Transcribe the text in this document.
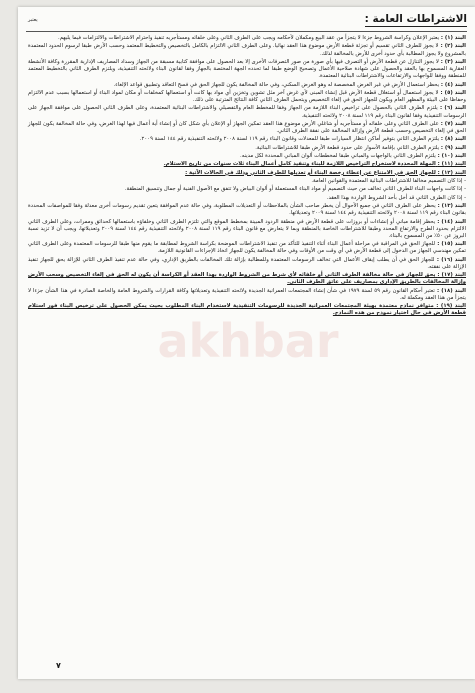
akhbar
الاشتراطات العامة :
يعتبر
البند (١) :يعتبر الإعلان وكراسة الشروط جزءا لا يتجزأ من عقد البيع ومكملان لأحكامه ويجب على الطرف الثاني وعلى خلفائه ومستأجريه تنفيذ واحترام الاشتراطات والالتزامات فيما يليهم.
البند (٢) :لا يجوز للطرف الثاني تقسيم أو تجزئة قطعة الأرض موضوع هذا العقد نهائيا. وعلى الطرف الثاني الالتزام بالكامل بالتخصيص والتخطيط المعتمد وحسب الأرض طبقا لرسوم الحدود المعتمدة بالمشروع ولا يجوز المطالبة بأي حدود أخرى للأرض بالمخالفة لذلك.
البند (٣) :لا يجوز التنازل عن قطعة الأرض أو التصرف فيها بأي صورة من صور التصرفات الأخرى إلا بعد الحصول على موافقة كتابية مسبقة من الجهاز وسداد المصاريف الإدارية المقررة وكافة الأنشطة العقارية المسموح بها بالعقد والحصول على شهادة صلاحية الأعمال وتصحيح الوضع طبقا لما تحدده الجهة المختصة بالجهاز وفقا لقانون البناء ولائحته التنفيذية، ويلتزم الطرف الثاني بالتخطيط المعتمد للمنطقة ووفقا للواجهات والارتفاعات والاشتراطات البنائية المعتمدة.
البند (٤) :يحظر استعمال الأرض في غير الغرض المخصصة له وهو الغرض السكني، وفي حالة المخالفة يكون للجهاز الحق في فسخ التعاقد وتطبيق قواعد الإلغاء.
البند (٥) :لا يجوز استعمال أو استغلال قطعة الأرض قبل إنشاء المبنى لأي غرض آخر مثل تشوين وتخزين أي مواد بها كانت أو استعمالها كمخلفات أو مكان لمواد البناء أو استعمالها بسبب عدم الالتزام وحفاظا على البيئة والمظهر العام ويكون للجهاز الحق في إلغاء التخصيص ويتحمل الطرف الثاني كافة النتائج المترتبة على ذلك.
البند (٦) :يلتزم الطرف الثاني بالحصول على تراخيص البناء اللازمة من الجهاز وفقا للمخطط العام والتفصيلي والاشتراطات البنائية المعتمدة، وعلى الطرف الثاني الحصول على موافقة الجهاز على الرسومات التنفيذية وفقا لقانون البناء رقم ١١٩ لسنة ٢٠٠٨ ولائحته التنفيذية.
البند (٧) :على الطرف الثاني وعلى خلفائه أو مستأجريه أو شاغلي الأرض موضوع هذا العقد تمكين الجهاز أو الإعلان بأي شكل كان أو إنشاء أية أعمال فيها لهذا الغرض، وفي حالة المخالفة يكون للجهاز الحق في إلغاء التخصيص وحسب قطعة الأرض وإزالة المخالفة على نفقة الطرف الثاني.
البند (٨) :يلتزم الطرف الثاني بتوفير أماكن انتظار السيارات طبقا للمعدلات وقانون البناء رقم ١١٩ لسنة ٢٠٠٨ ولائحته التنفيذية رقم ١٤٤ لسنة ٢٠٠٩.
البند (٩) :يلتزم الطرف الثاني بإقامة الأسوار على حدود قطعة الأرض طبقا للاشتراطات البنائية.
البند (١٠) :يلتزم الطرف الثاني بالواجهات والمباني طبقا لمخططات ألوان المباني المحددة لكل مدينه.
البند (١١) :المهلة المحددة لاستخراج التراخيص اللازمة للبناء وتنفيذ كامل أعمال البناء ثلاث سنوات من تاريخ الاستلام.
البند (١٢) :للجهاز الحق في الامتناع عن إعطاء رخصة البناء أو تعديلها للطرف الثاني وذلك في الحالات الآتية :
- إذا كان التصميم مخالفا للاشتراطات البنائية المعتمدة والقوانين العامة.
- إذا كانت واجهات البناء للطرف الثاني تخالف من حيث التصميم أو مواد البناء المستعملة أو ألوان البياض ولا تتفق مع الأصول الفنية أو جمال وتنسيق المنطقة.
- إذا كان الطرف الثاني قد أخل بأحد الشروط الواردة بهذا العقد.
البند (١٣) :يحظر على الطرف الثاني في جميع الأحوال أن يخطر صاحب الشأن بالملاحظات أو التعديلات المطلوبة، وفي حالة عدم الموافقة يتعين تقديم رسومات أخرى معدلة وفقا للمواصفات المحددة بقانون البناء رقم ١١٩ لسنة ٢٠٠٨ ولائحته التنفيذية رقم ١٤٤ لسنة ٢٠٠٩ وتعديلاتها.
البند (١٤) :يحظر إقامة مباني أو إنشاءات أو بروزات على قطعة الأرض في منطقة الردود المبينة بمخطط الموقع والتي تلتزم الطرف الثاني وخلفاؤه باستعمالها كحدائق وممرات، وعلى الطرف الثاني الالتزام بحدود الطرح والارتفاع المحدد وطبقا للاشتراطات الخاصة بالمنطقة وبما لا يتعارض مع قانون البناء رقم ١١٩ لسنة ٢٠٠٨ ولائحته التنفيذية رقم ١٤٤ لسنة ٢٠٠٩ وتعديلاتها، ويجب أن لا تزيد نسبة البروز عن ٥٠٪ من المسموح بالبناء.
البند (١٥) :للجهاز الحق في المراقبة في مراحلة أعمال البناء أثناء التنفيذ للتأكد من تنفيذ الاشتراطات الموضحة بكراسة الشروط لمطابقة ما يقوم منها طبقا للرسومات المعتمدة وعلى الطرف الثاني تمكين مهندسي الجهاز من الدخول إلى قطعة الأرض في أي وقت من الأوقات وفي حالة المخالفة يكون للجهاز اتخاذ الإجراءات القانونية اللازمة.
البند (١٦) :للجهاز الحق في أن يطلب إيقاف الأعمال التي تخالف الرسومات المعتمدة وللمطالبة بإزالة تلك المخالفات بالطريق الإداري، وفي حالة عدم تنفيذ الطرف الثاني للإزالة يحق للجهاز تنفيذ الإزالة على نفقته.
البند (١٧) :يحق للجهاز في حالة مخالفة الطرف الثاني أو خلفائه لأي شرط من الشروط الواردة بهذا العقد أو الكراسة أن يكون له الحق في إلغاء التخصيص وسحب الأرض وإزالة المخالفات بالطريق الإداري بمصاريف على عاتق الطرف الثاني.
البند (١٨) :تعتبر أحكام القانون رقم ٥٩ لسنة ١٩٧٩ في شأن إنشاء المجتمعات العمرانية الجديدة ولائحته التنفيذية وتعديلاتها وكافة القرارات والشروط العامة والخاصة الصادرة في هذا الشأن جزءا لا يتجزأ من هذا العقد ومكملة له.
البند (١٩) :متوافر نماذج معتمدة بهيئة المجتمعات العمرانية الجديدة للرسومات التنفيذية لاستخدام البناء المطلوب بحيث يمكن الحصول على ترخيص البناء فور استلام قطعة الأرض في حال اختيار نموذج من هذه النماذج.
٧
